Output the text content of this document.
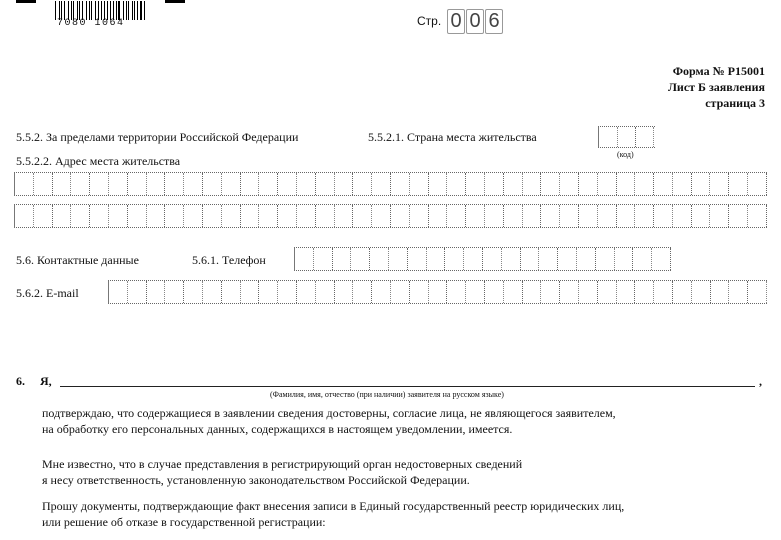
7080 1064	Стр. 0 0 6
Форма № Р15001
Лист Б заявления
страница 3
5.5.2. За пределами территории Российской Федерации	5.5.2.1. Страна места жительства
(код)
5.5.2.2. Адрес места жительства
5.6. Контактные данные	5.6.1. Телефон
5.6.2. E-mail
6. Я,	,
(Фамилия, имя, отчество (при наличии) заявителя на русском языке)
подтверждаю, что содержащиеся в заявлении сведения достоверны, согласие лица, не являющегося заявителем,
на обработку его персональных данных, содержащихся в настоящем уведомлении, имеется.
Мне известно, что в случае представления в регистрирующий орган недостоверных сведений
я несу ответственность, установленную законодательством Российской Федерации.
Прошу документы, подтверждающие факт внесения записи в Единый государственный реестр юридических лиц,
или решение об отказе в государственной регистрации:
